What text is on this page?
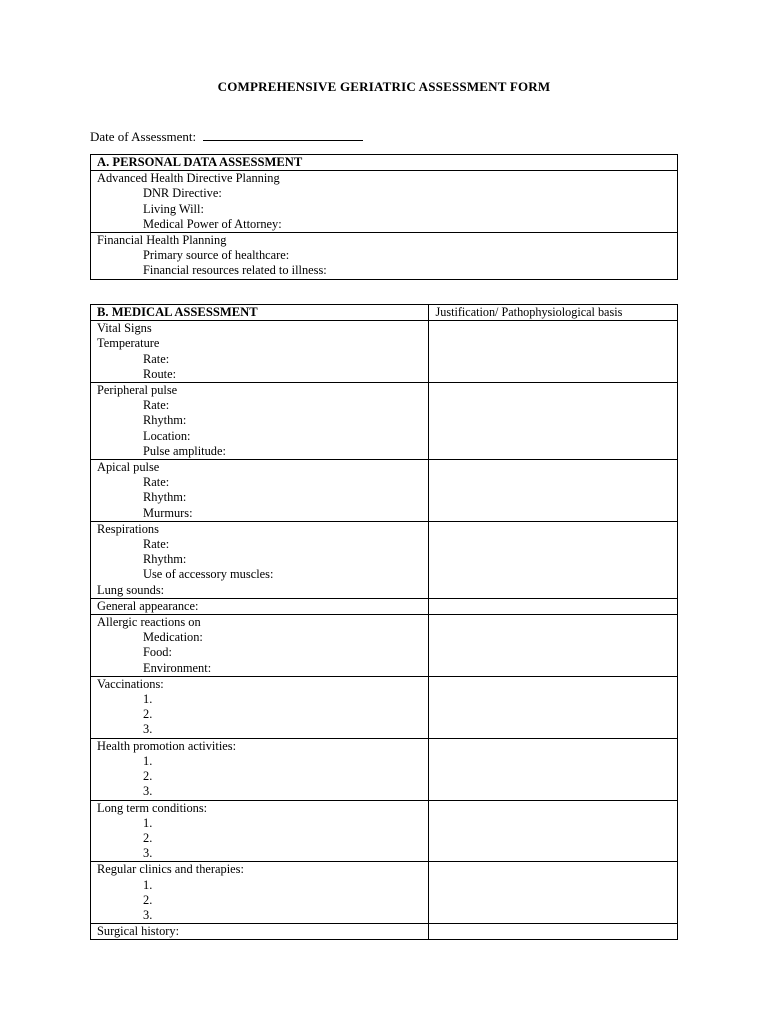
COMPREHENSIVE GERIATRIC ASSESSMENT FORM
Date of Assessment:
A. PERSONAL DATA ASSESSMENT

Advanced Health Directive Planning
DNR Directive:
Living Will:
Medical Power of Attorney:

Financial Health Planning
Primary source of healthcare:
Financial resources related to illness:
B. MEDICAL ASSESSMENT	Justification/ Pathophysiological basis

Vital Signs
Temperature
Rate:
Route:	

Peripheral pulse
Rate:
Rhythm:
Location:
Pulse amplitude:	

Apical pulse
Rate:
Rhythm:
Murmurs:	

Respirations
Rate:
Rhythm:
Use of accessory muscles:
Lung sounds:	

General appearance:	

Allergic reactions on
Medication:
Food:
Environment:	

Vaccinations:
1.
2.
3.	

Health promotion activities:
1.
2.
3.	

Long term conditions:
1.
2.
3.	

Regular clinics and therapies:
1.
2.
3.	

Surgical history:	
